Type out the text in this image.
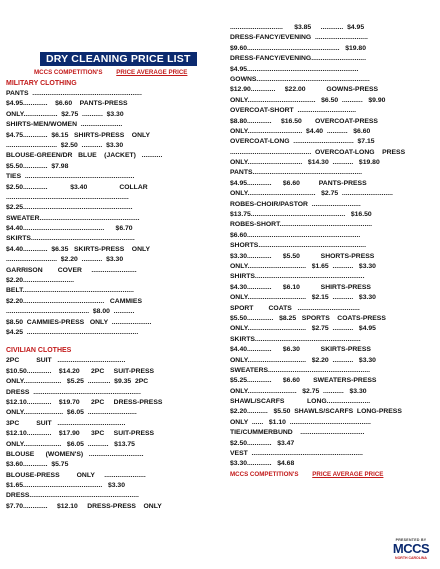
DRY CLEANING PRICE LIST
MCCS COMPETITION'S PRICE AVERAGE PRICE
MILITARY CLOTHING
PANTS  ..........................................................
$4.95.............    $6.60    PANTS-PRESS
ONLY..................  $2.75  ...........  $3.30
SHIRTS-MEN/WOMEN  ......................
$4.75.............  $6.15   SHIRTS-PRESS    ONLY
...........................  $2.50  ...........  $3.30
BLOUSE-GREEN/DR   BLUE    (JACKET)   ...........
$5.50.............  $7.98
TIES  ..........................................................
$2.50.............            $3.40                 COLLAR
.................................................................
$2.25..........................................................
SWEATER.....................................................
$4.40...........................................      $6.70
SKIRTS.......................................................
$4.40.............  $6.35   SKIRTS-PRESS    ONLY
...........................  $2.20  ...........  $3.30
GARRISON        COVER     ........................
$2.20...........................
BELT...........................................................
$2.20...........................................   CAMMIES
............................................  $8.00  ...........
$8.50  CAMMIES-PRESS   ONLY  .....................
$4.25  ...........................................................
CIVILIAN CLOTHES
2PC         SUIT   ....................................
$10.50.............    $14.20      2PC     SUIT-PRESS
ONLY....................   $5.25  ............  $9.35  2PC
DRESS  .........................................................
$12.10.............    $19.70      2PC     DRESS-PRESS
ONLY.....................  $6.05  ..........................
3PC         SUIT   ....................................
$12.10.............    $17.90      3PC     SUIT-PRESS
ONLY....................   $6.05  ...........   $13.75
BLOUSE      (WOMEN'S)   .............................
$3.60.............  $5.75
BLOUSE-PRESS         ONLY     ......................
$1.65..........................................   $3.30
DRESS..........................................................
$7.70.............     $12.10     DRESS-PRESS    ONLY
............................      $3.85     ............  $4.95
DRESS-FANCY/EVENING  ............................
$9.60.................................................   $19.80
DRESS-FANCY/EVENING.............................
$4.95...........................................................
GOWNS............................................................
$12.90.............     $22.00           GOWNS-PRESS
ONLY....................................   $6.50  ...........   $9.90
OVERCOAT-SHORT  ...............................
$8.80.............     $16.50       OVERCOAT-PRESS
ONLY.............................  $4.40  ...........   $6.60
OVERCOAT-LONG  ................................  $7.15
...........................................  OVERCOAT-LONG    PRESS
ONLY.............................   $14.30  ...........   $19.80
PANTS..........................................................
$4.95.............      $6.60          PANTS-PRESS
ONLY....................................   $2.75  ...........................
ROBES-CHOIR/PASTOR  ..........................
$13.75..................................................   $16.50
ROBES-SHORT.................................................
$6.60............................................................
SHORTS.........................................................
$3.30.............      $5.50           SHORTS-PRESS
ONLY...............................   $1.65  ...........   $3.30
SHIRTS..........................................................
$4.30.............      $6.10           SHIRTS-PRESS
ONLY...............................   $2.15  ...........   $3.30
SPORT        COATS   .................................
$5.50..............   $8.25   SPORTS    COATS-PRESS
ONLY...............................   $2.75  ...........   $4.95
SKIRTS........................................................
$4.40.............      $6.30           SKIRTS-PRESS
ONLY...............................   $2.20  ...........   $3.30
SWEATERS......................................................
$5.25.............      $6.60       SWEATERS-PRESS
ONLY..........................   $2.75  ...........   $3.30
SHAWL/SCARFS            LONG.......................
$2.20...........   $5.50  SHAWLS/SCARFS  LONG-PRESS
ONLY  ......   $1.10  ...........................................
TIE/CUMMERBUND    ..................................
$2.50.............   $3.47
VEST  ...........................................................
$3.30.............   $4.68
MCCS COMPETITION'S PRICE AVERAGE PRICE
PRESENTED BY
MCCS
NORTH CAROLINA
